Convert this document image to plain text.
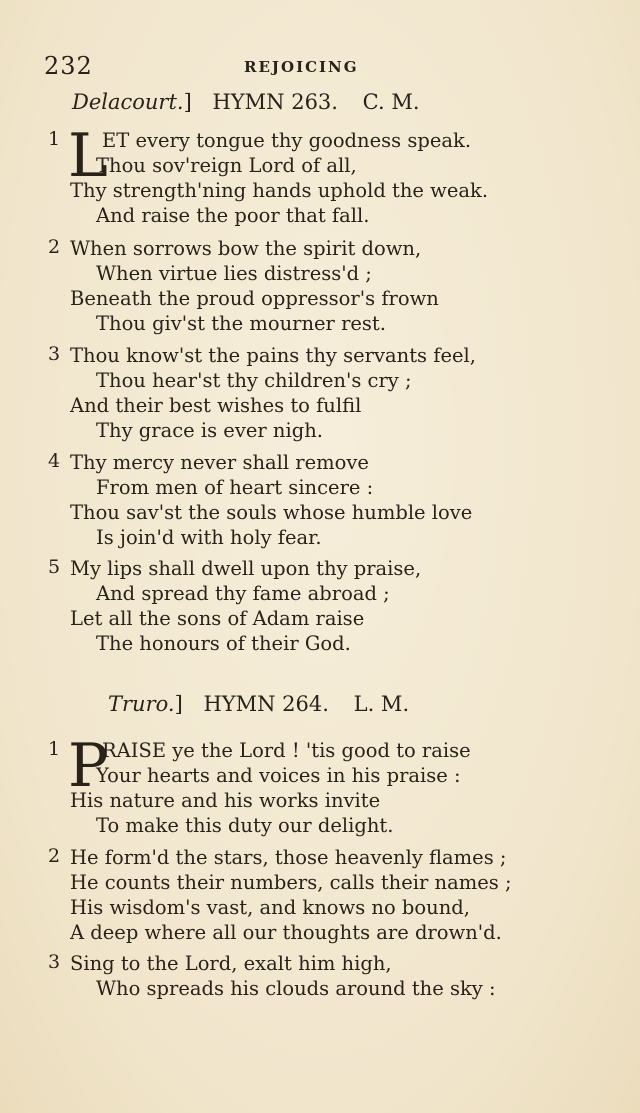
232	REJOICING
Delacourt.] HYMN 263. C. M.
1 L
ET every tongue thy goodness speak.
Thou sov'reign Lord of all,
Thy strength'ning hands uphold the weak.
And raise the poor that fall.
2 When sorrows bow the spirit down,
When virtue lies distress'd ;
Beneath the proud oppressor's frown
Thou giv'st the mourner rest.
3 Thou know'st the pains thy servants feel,
Thou hear'st thy children's cry ;
And their best wishes to fulfil
Thy grace is ever nigh.
4 Thy mercy never shall remove
From men of heart sincere :
Thou sav'st the souls whose humble love
Is join'd with holy fear.
5 My lips shall dwell upon thy praise,
And spread thy fame abroad ;
Let all the sons of Adam raise
The honours of their God.
Truro.] HYMN 264. L. M.
1 P
RAISE ye the Lord ! 'tis good to raise
Your hearts and voices in his praise :
His nature and his works invite
To make this duty our delight.
2 He form'd the stars, those heavenly flames ;
He counts their numbers, calls their names ;
His wisdom's vast, and knows no bound,
A deep where all our thoughts are drown'd.
3 Sing to the Lord, exalt him high,
Who spreads his clouds around the sky :
